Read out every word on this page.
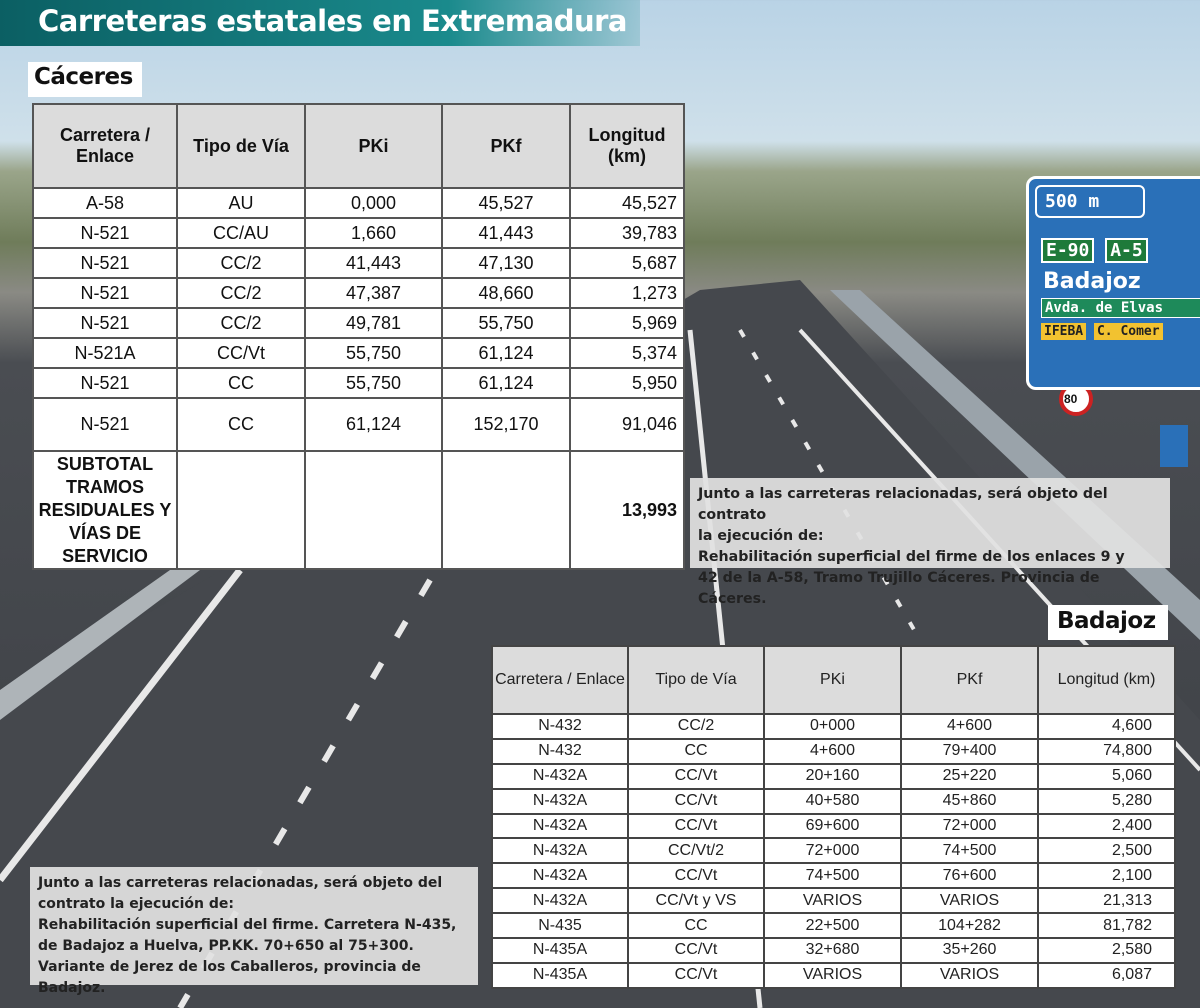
500 m
E-90 A-5
Badajoz
Avda. de Elvas
IFEBA C. Comer
80
Carreteras estatales en Extremadura
Cáceres
Carretera / Enlace	Tipo de Vía	PKi	PKf	Longitud (km)
A-58	AU	0,000	45,527	45,527
N-521	CC/AU	1,660	41,443	39,783
N-521	CC/2	41,443	47,130	5,687
N-521	CC/2	47,387	48,660	1,273
N-521	CC/2	49,781	55,750	5,969
N-521A	CC/Vt	55,750	61,124	5,374
N-521	CC	55,750	61,124	5,950
N-521	CC	61,124	152,170	91,046
SUBTOTAL TRAMOS RESIDUALES Y VÍAS DE SERVICIO				13,993
Junto a las carreteras relacionadas, será objeto del contrato
la ejecución de:
Rehabilitación superficial del firme de los enlaces 9 y
42 de la A-58, Tramo Trujillo Cáceres. Provincia de Cáceres.
Badajoz
Carretera / Enlace	Tipo de Vía	PKi	PKf	Longitud (km)
N-432	CC/2	0+000	4+600	4,600
N-432	CC	4+600	79+400	74,800
N-432A	CC/Vt	20+160	25+220	5,060
N-432A	CC/Vt	40+580	45+860	5,280
N-432A	CC/Vt	69+600	72+000	2,400
N-432A	CC/Vt/2	72+000	74+500	2,500
N-432A	CC/Vt	74+500	76+600	2,100
N-432A	CC/Vt y VS	VARIOS	VARIOS	21,313
N-435	CC	22+500	104+282	81,782
N-435A	CC/Vt	32+680	35+260	2,580
N-435A	CC/Vt	VARIOS	VARIOS	6,087
Junto a las carreteras relacionadas, será objeto del
contrato la ejecución de:
Rehabilitación superficial del firme. Carretera N-435,
de Badajoz a Huelva, PP.KK. 70+650 al 75+300.
Variante de Jerez de los Caballeros, provincia de Badajoz.
